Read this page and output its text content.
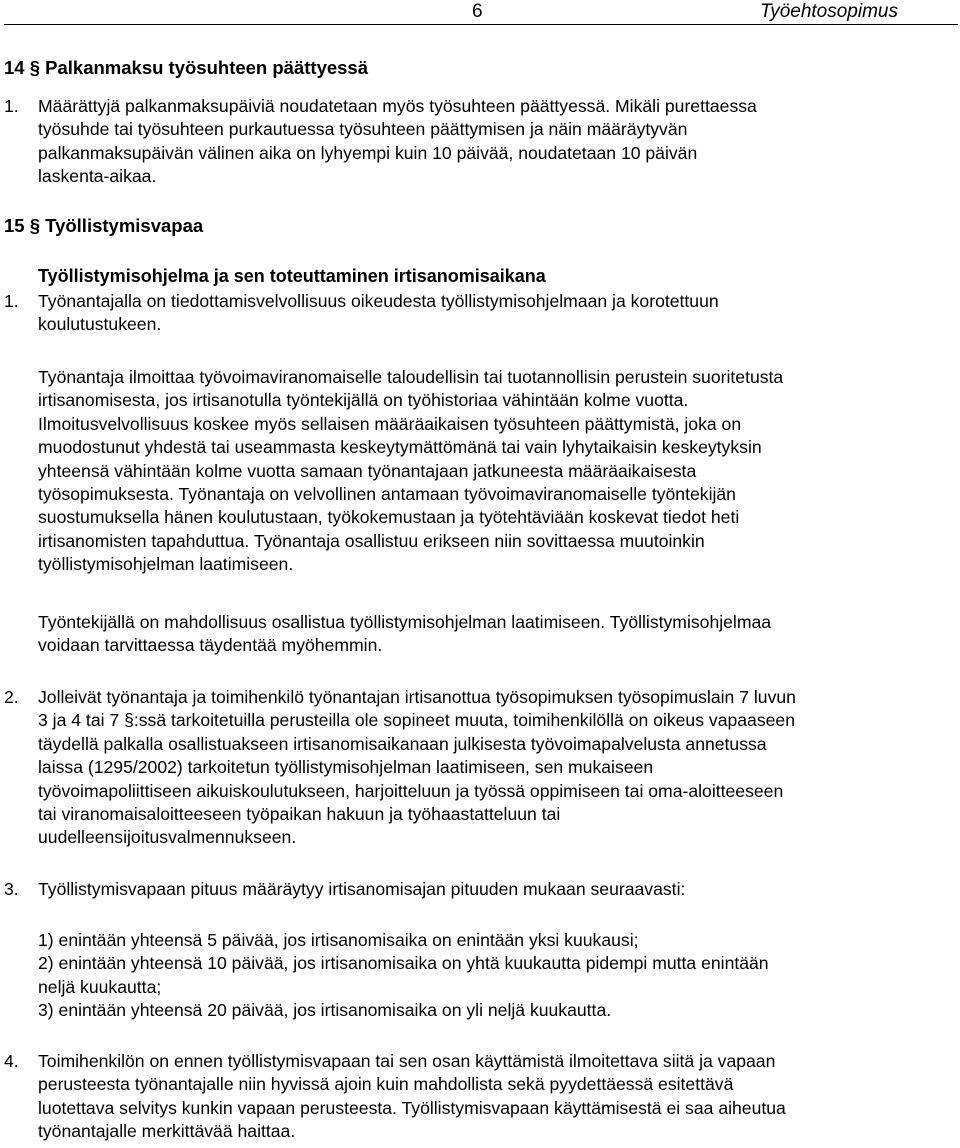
6	Työehtosopimus
14 § Palkanmaksu työsuhteen päättyessä
1. Määrättyjä palkanmaksupäiviä noudatetaan myös työsuhteen päättyessä. Mikäli purettaessa
työsuhde tai työsuhteen purkautuessa työsuhteen päättymisen ja näin määräytyvän
palkanmaksupäivän välinen aika on lyhyempi kuin 10 päivää, noudatetaan 10 päivän
laskenta-aikaa.
15 § Työllistymisvapaa
Työllistymisohjelma ja sen toteuttaminen irtisanomisaikana
1. Työnantajalla on tiedottamisvelvollisuus oikeudesta työllistymisohjelmaan ja korotettuun
koulutustukeen.
Työnantaja ilmoittaa työvoimaviranomaiselle taloudellisin tai tuotannollisin perustein suoritetusta
irtisanomisesta, jos irtisanotulla työntekijällä on työhistoriaa vähintään kolme vuotta.
Ilmoitusvelvollisuus koskee myös sellaisen määräaikaisen työsuhteen päättymistä, joka on
muodostunut yhdestä tai useammasta keskeytymättömänä tai vain lyhytaikaisin keskeytyksin
yhteensä vähintään kolme vuotta samaan työnantajaan jatkuneesta määräaikaisesta
työsopimuksesta. Työnantaja on velvollinen antamaan työvoimaviranomaiselle työntekijän
suostumuksella hänen koulutustaan, työkokemustaan ja työtehtäviään koskevat tiedot heti
irtisanomisten tapahduttua. Työnantaja osallistuu erikseen niin sovittaessa muutoinkin
työllistymisohjelman laatimiseen.
Työntekijällä on mahdollisuus osallistua työllistymisohjelman laatimiseen. Työllistymisohjelmaa
voidaan tarvittaessa täydentää myöhemmin.
2. Jolleivät työnantaja ja toimihenkilö työnantajan irtisanottua työsopimuksen työsopimuslain 7 luvun
3 ja 4 tai 7 §:ssä tarkoitetuilla perusteilla ole sopineet muuta, toimihenkilöllä on oikeus vapaaseen
täydellä palkalla osallistuakseen irtisanomisaikanaan julkisesta työvoimapalvelusta annetussa
laissa (1295/2002) tarkoitetun työllistymisohjelman laatimiseen, sen mukaiseen
työvoimapoliittiseen aikuiskoulutukseen, harjoitteluun ja työssä oppimiseen tai oma-aloitteeseen
tai viranomaisaloitteeseen työpaikan hakuun ja työhaastatteluun tai
uudelleensijoitusvalmennukseen.
3. Työllistymisvapaan pituus määräytyy irtisanomisajan pituuden mukaan seuraavasti:
1) enintään yhteensä 5 päivää, jos irtisanomisaika on enintään yksi kuukausi;
2) enintään yhteensä 10 päivää, jos irtisanomisaika on yhtä kuukautta pidempi mutta enintään
neljä kuukautta;
3) enintään yhteensä 20 päivää, jos irtisanomisaika on yli neljä kuukautta.
4. Toimihenkilön on ennen työllistymisvapaan tai sen osan käyttämistä ilmoitettava siitä ja vapaan
perusteesta työnantajalle niin hyvissä ajoin kuin mahdollista sekä pyydettäessä esitettävä
luotettava selvitys kunkin vapaan perusteesta. Työllistymisvapaan käyttämisestä ei saa aiheutua
työnantajalle merkittävää haittaa.
